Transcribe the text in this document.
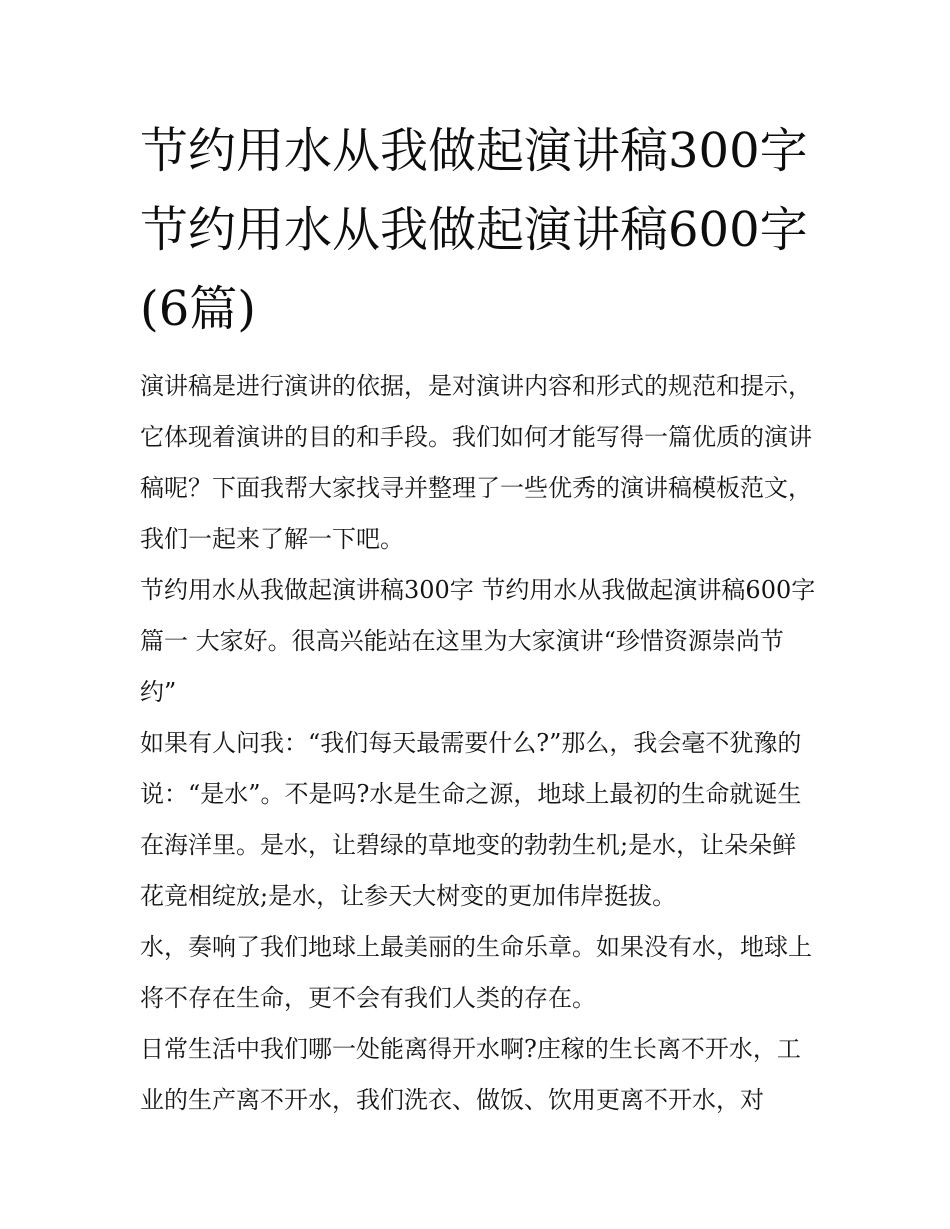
节约用水从我做起演讲稿300字 节约用水从我做起演讲稿600字(6篇)

演讲稿是进行演讲的依据，是对演讲内容和形式的规范和提示，它体现着演讲的目的和手段。我们如何才能写得一篇优质的演讲稿呢？下面我帮大家找寻并整理了一些优秀的演讲稿模板范文，我们一起来了解一下吧。

节约用水从我做起演讲稿300字 节约用水从我做起演讲稿600字篇一 大家好。很高兴能站在这里为大家演讲“珍惜资源崇尚节约”

如果有人问我：“我们每天最需要什么?”那么，我会毫不犹豫的说：“是水”。不是吗?水是生命之源，地球上最初的生命就诞生在海洋里。是水，让碧绿的草地变的勃勃生机;是水，让朵朵鲜花竟相绽放;是水，让参天大树变的更加伟岸挺拔。

水，奏响了我们地球上最美丽的生命乐章。如果没有水，地球上将不存在生命，更不会有我们人类的存在。

日常生活中我们哪一处能离得开水啊?庄稼的生长离不开水，工业的生产离不开水，我们洗衣、做饭、饮用更离不开水，对
